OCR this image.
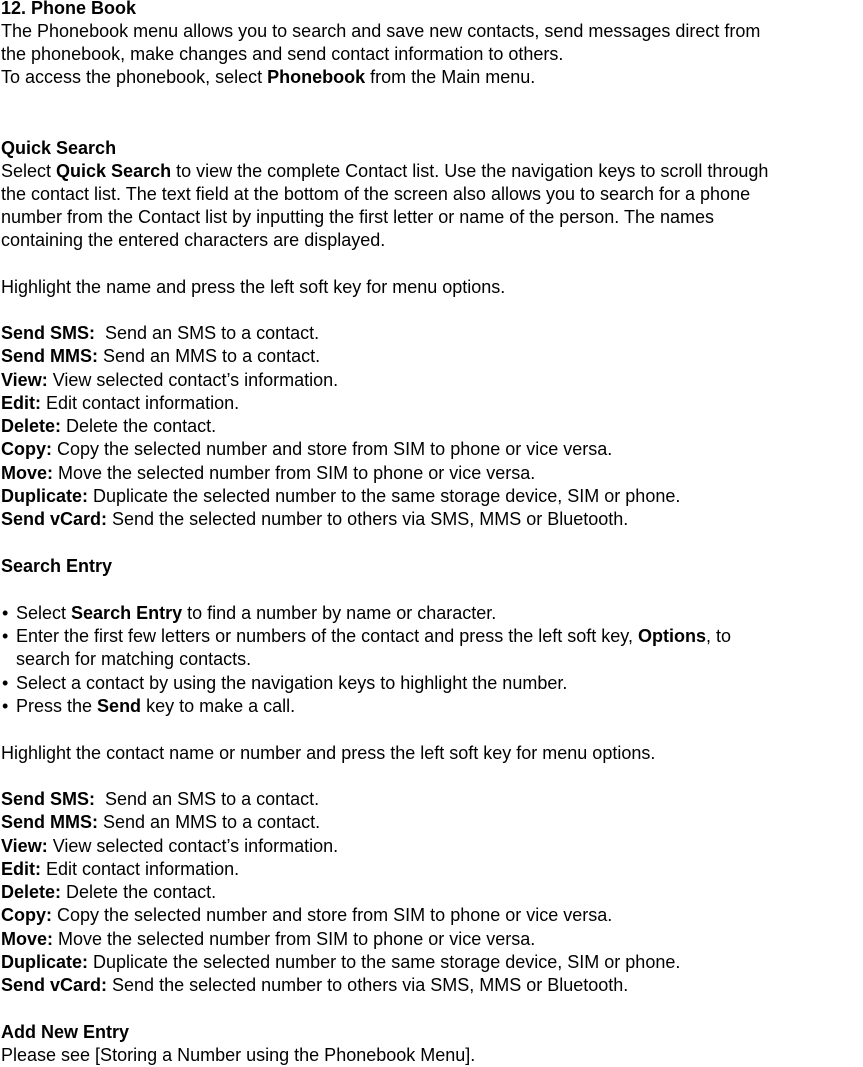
12. Phone Book
The Phonebook menu allows you to search and save new contacts, send messages direct from
the phonebook, make changes and send contact information to others.
To access the phonebook, select Phonebook from the Main menu.
Quick Search
Select Quick Search to view the complete Contact list. Use the navigation keys to scroll through
the contact list. The text field at the bottom of the screen also allows you to search for a phone
number from the Contact list by inputting the first letter or name of the person. The names
containing the entered characters are displayed.
Highlight the name and press the left soft key for menu options.
Send SMS:  Send an SMS to a contact.
Send MMS: Send an MMS to a contact.
View: View selected contact’s information.
Edit: Edit contact information.
Delete: Delete the contact.
Copy: Copy the selected number and store from SIM to phone or vice versa.
Move: Move the selected number from SIM to phone or vice versa.
Duplicate: Duplicate the selected number to the same storage device, SIM or phone.
Send vCard: Send the selected number to others via SMS, MMS or Bluetooth.
Search Entry
• Select Search Entry to find a number by name or character.
• Enter the first few letters or numbers of the contact and press the left soft key, Options, to
search for matching contacts.
• Select a contact by using the navigation keys to highlight the number.
• Press the Send key to make a call.
Highlight the contact name or number and press the left soft key for menu options.
Send SMS:  Send an SMS to a contact.
Send MMS: Send an MMS to a contact.
View: View selected contact’s information.
Edit: Edit contact information.
Delete: Delete the contact.
Copy: Copy the selected number and store from SIM to phone or vice versa.
Move: Move the selected number from SIM to phone or vice versa.
Duplicate: Duplicate the selected number to the same storage device, SIM or phone.
Send vCard: Send the selected number to others via SMS, MMS or Bluetooth.
Add New Entry
Please see [Storing a Number using the Phonebook Menu].
